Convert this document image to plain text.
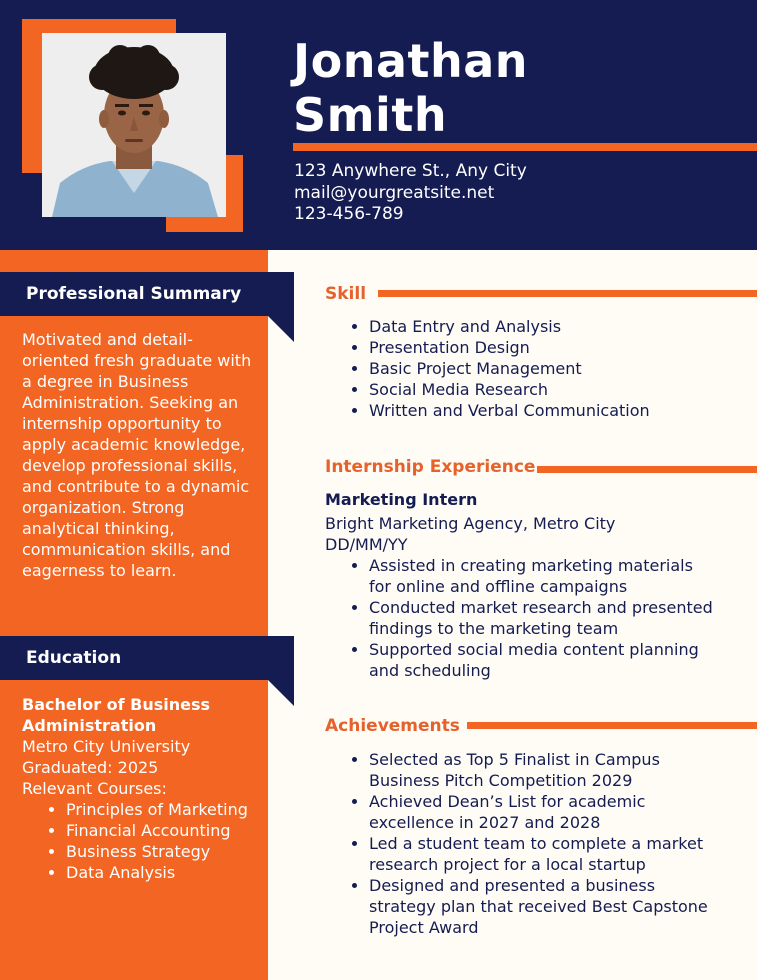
Jonathan
Smith
123 Anywhere St., Any City
mail@yourgreatsite.net
123-456-789
Professional Summary
Motivated and detail-oriented fresh graduate with a degree in Business Administration. Seeking an internship opportunity to apply academic knowledge, develop professional skills, and contribute to a dynamic organization. Strong analytical thinking, communication skills, and eagerness to learn.
Education
Bachelor of Business Administration
Metro City University
Graduated: 2025
Relevant Courses:
• Principles of Marketing
• Financial Accounting
• Business Strategy
• Data Analysis
Skill
• Data Entry and Analysis
• Presentation Design
• Basic Project Management
• Social Media Research
• Written and Verbal Communication
Internship Experience
Marketing Intern
Bright Marketing Agency, Metro City
DD/MM/YY
• Assisted in creating marketing materials for online and offline campaigns
• Conducted market research and presented findings to the marketing team
• Supported social media content planning and scheduling
Achievements
• Selected as Top 5 Finalist in Campus Business Pitch Competition 2029
• Achieved Dean’s List for academic excellence in 2027 and 2028
• Led a student team to complete a market research project for a local startup
• Designed and presented a business strategy plan that received Best Capstone Project Award
